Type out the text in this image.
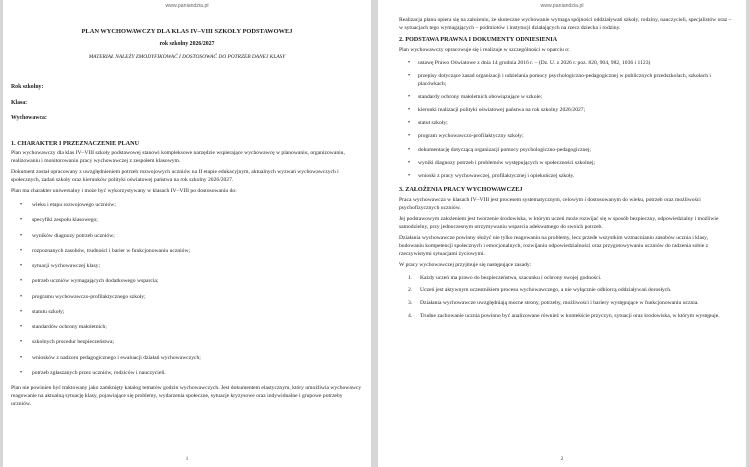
www.paniandzia.pl
PLAN WYCHOWAWCZY DLA KLAS IV–VIII SZKOŁY PODSTAWOWEJ
rok szkolny 2026/2027
MATERIAŁ NALEŻY ZMODYFIKOWAĆ I DOSTOSOWAĆ DO POTRZEB DANEJ KLASY
Rok szkolny:
Klasa:
Wychowawca:
1. CHARAKTER I PRZEZNACZENIE PLANU

Plan wychowawczy dla klas IV–VIII szkoły podstawowej stanowi kompleksowe narzędzie wspierające wychowawcę w planowaniu, organizowaniu, realizowaniu i monitorowaniu pracy wychowawczej z zespołem klasowym.

Dokument został opracowany z uwzględnieniem potrzeb rozwojowych uczniów na II etapie edukacyjnym, aktualnych wyzwań wychowawczych i społecznych, zadań szkoły oraz kierunków polityki oświatowej państwa na rok szkolny 2026/2027.

Plan ma charakter uniwersalny i może być wykorzystywany w klasach IV–VIII po dostosowaniu do:

• wieku i etapu rozwojowego uczniów;
• specyfiki zespołu klasowego;
• wyników diagnozy potrzeb uczniów;
• rozpoznanych zasobów, trudności i barier w funkcjonowaniu uczniów;
• sytuacji wychowawczej klasy;
• potrzeb uczniów wymagających dodatkowego wsparcia;
• programu wychowawczo-profilaktycznego szkoły;
• statutu szkoły;
• standardów ochrony małoletnich;
• szkolnych procedur bezpieczeństwa;
• wniosków z nadzoru pedagogicznego i ewaluacji działań wychowawczych;
• potrzeb zgłaszanych przez uczniów, rodziców i nauczycieli.

Plan nie powinien być traktowany jako zamknięty katalog tematów godzin wychowawczych. Jest dokumentem elastycznym, który umożliwia wychowawcy reagowanie na aktualną sytuację klasy, pojawiające się problemy, wydarzenia społeczne, sytuacje kryzysowe oraz indywidualne i grupowe potrzeby uczniów.

1
www.paniandzia.pl

Realizacja planu opiera się na założeniu, że skuteczne wychowanie wymaga spójności oddziaływań szkoły, rodziny, nauczycieli, specjalistów oraz – w sytuacjach tego wymagających – podmiotów i instytucji działających na rzecz dziecka i rodziny.

2. PODSTAWA PRAWNA I DOKUMENTY ODNIESIENIA

Plan wychowawczy opracowuje się i realizuje w szczególności w oparciu o:

• ustawę Prawo Oświatowe z dnia 14 grudnia 2016 r. – (Dz. U. z 2026 r. poz. 820, 904, 982, 1036 i 1123)
• przepisy dotyczące zasad organizacji i udzielania pomocy psychologiczno-pedagogicznej w publicznych przedszkolach, szkołach i placówkach;
• standardy ochrony małoletnich obowiązujące w szkole;
• kierunki realizacji polityki oświatowej państwa na rok szkolny 2026/2027;
• statut szkoły;
• program wychowawczo-profilaktyczny szkoły;
• dokumentację dotyczącą organizacji pomocy psychologiczno-pedagogicznej;
• wyniki diagnozy potrzeb i problemów występujących w społeczności szkolnej;
• wnioski z pracy wychowawczej, profilaktycznej i opiekuńczej szkoły.
3. ZAŁOŻENIA PRACY WYCHOWAWCZEJ

Praca wychowawcza w klasach IV–VIII jest procesem systematycznym, celowym i dostosowanym do wieku, potrzeb oraz możliwości psychofizycznych uczniów.

Jej podstawowym założeniem jest tworzenie środowiska, w którym uczeń może rozwijać się w sposób bezpieczny, odpowiedzialny i możliwie samodzielny, przy jednoczesnym otrzymywaniu wsparcia adekwatnego do swoich potrzeb.

Działania wychowawcze powinny służyć nie tylko reagowaniu na problemy, lecz przede wszystkim wzmacnianiu zasobów ucznia i klasy, budowaniu kompetencji społecznych i emocjonalnych, rozwijaniu odpowiedzialności oraz przygotowywaniu uczniów do radzenia sobie z rzeczywistymi sytuacjami życiowymi.

W pracy wychowawczej przyjmuje się następujące zasady:

1. Każdy uczeń ma prawo do bezpieczeństwa, szacunku i ochrony swojej godności.
2. Uczeń jest aktywnym uczestnikiem procesu wychowawczego, a nie wyłącznie odbiorcą oddziaływań dorosłych.
3. Działania wychowawcze uwzględniają mocne strony, potrzeby, możliwości i bariery występujące w funkcjonowaniu ucznia.
4. Trudne zachowanie ucznia powinno być analizowane również w kontekście przyczyn, sytuacji oraz środowiska, w którym występuje.
2
